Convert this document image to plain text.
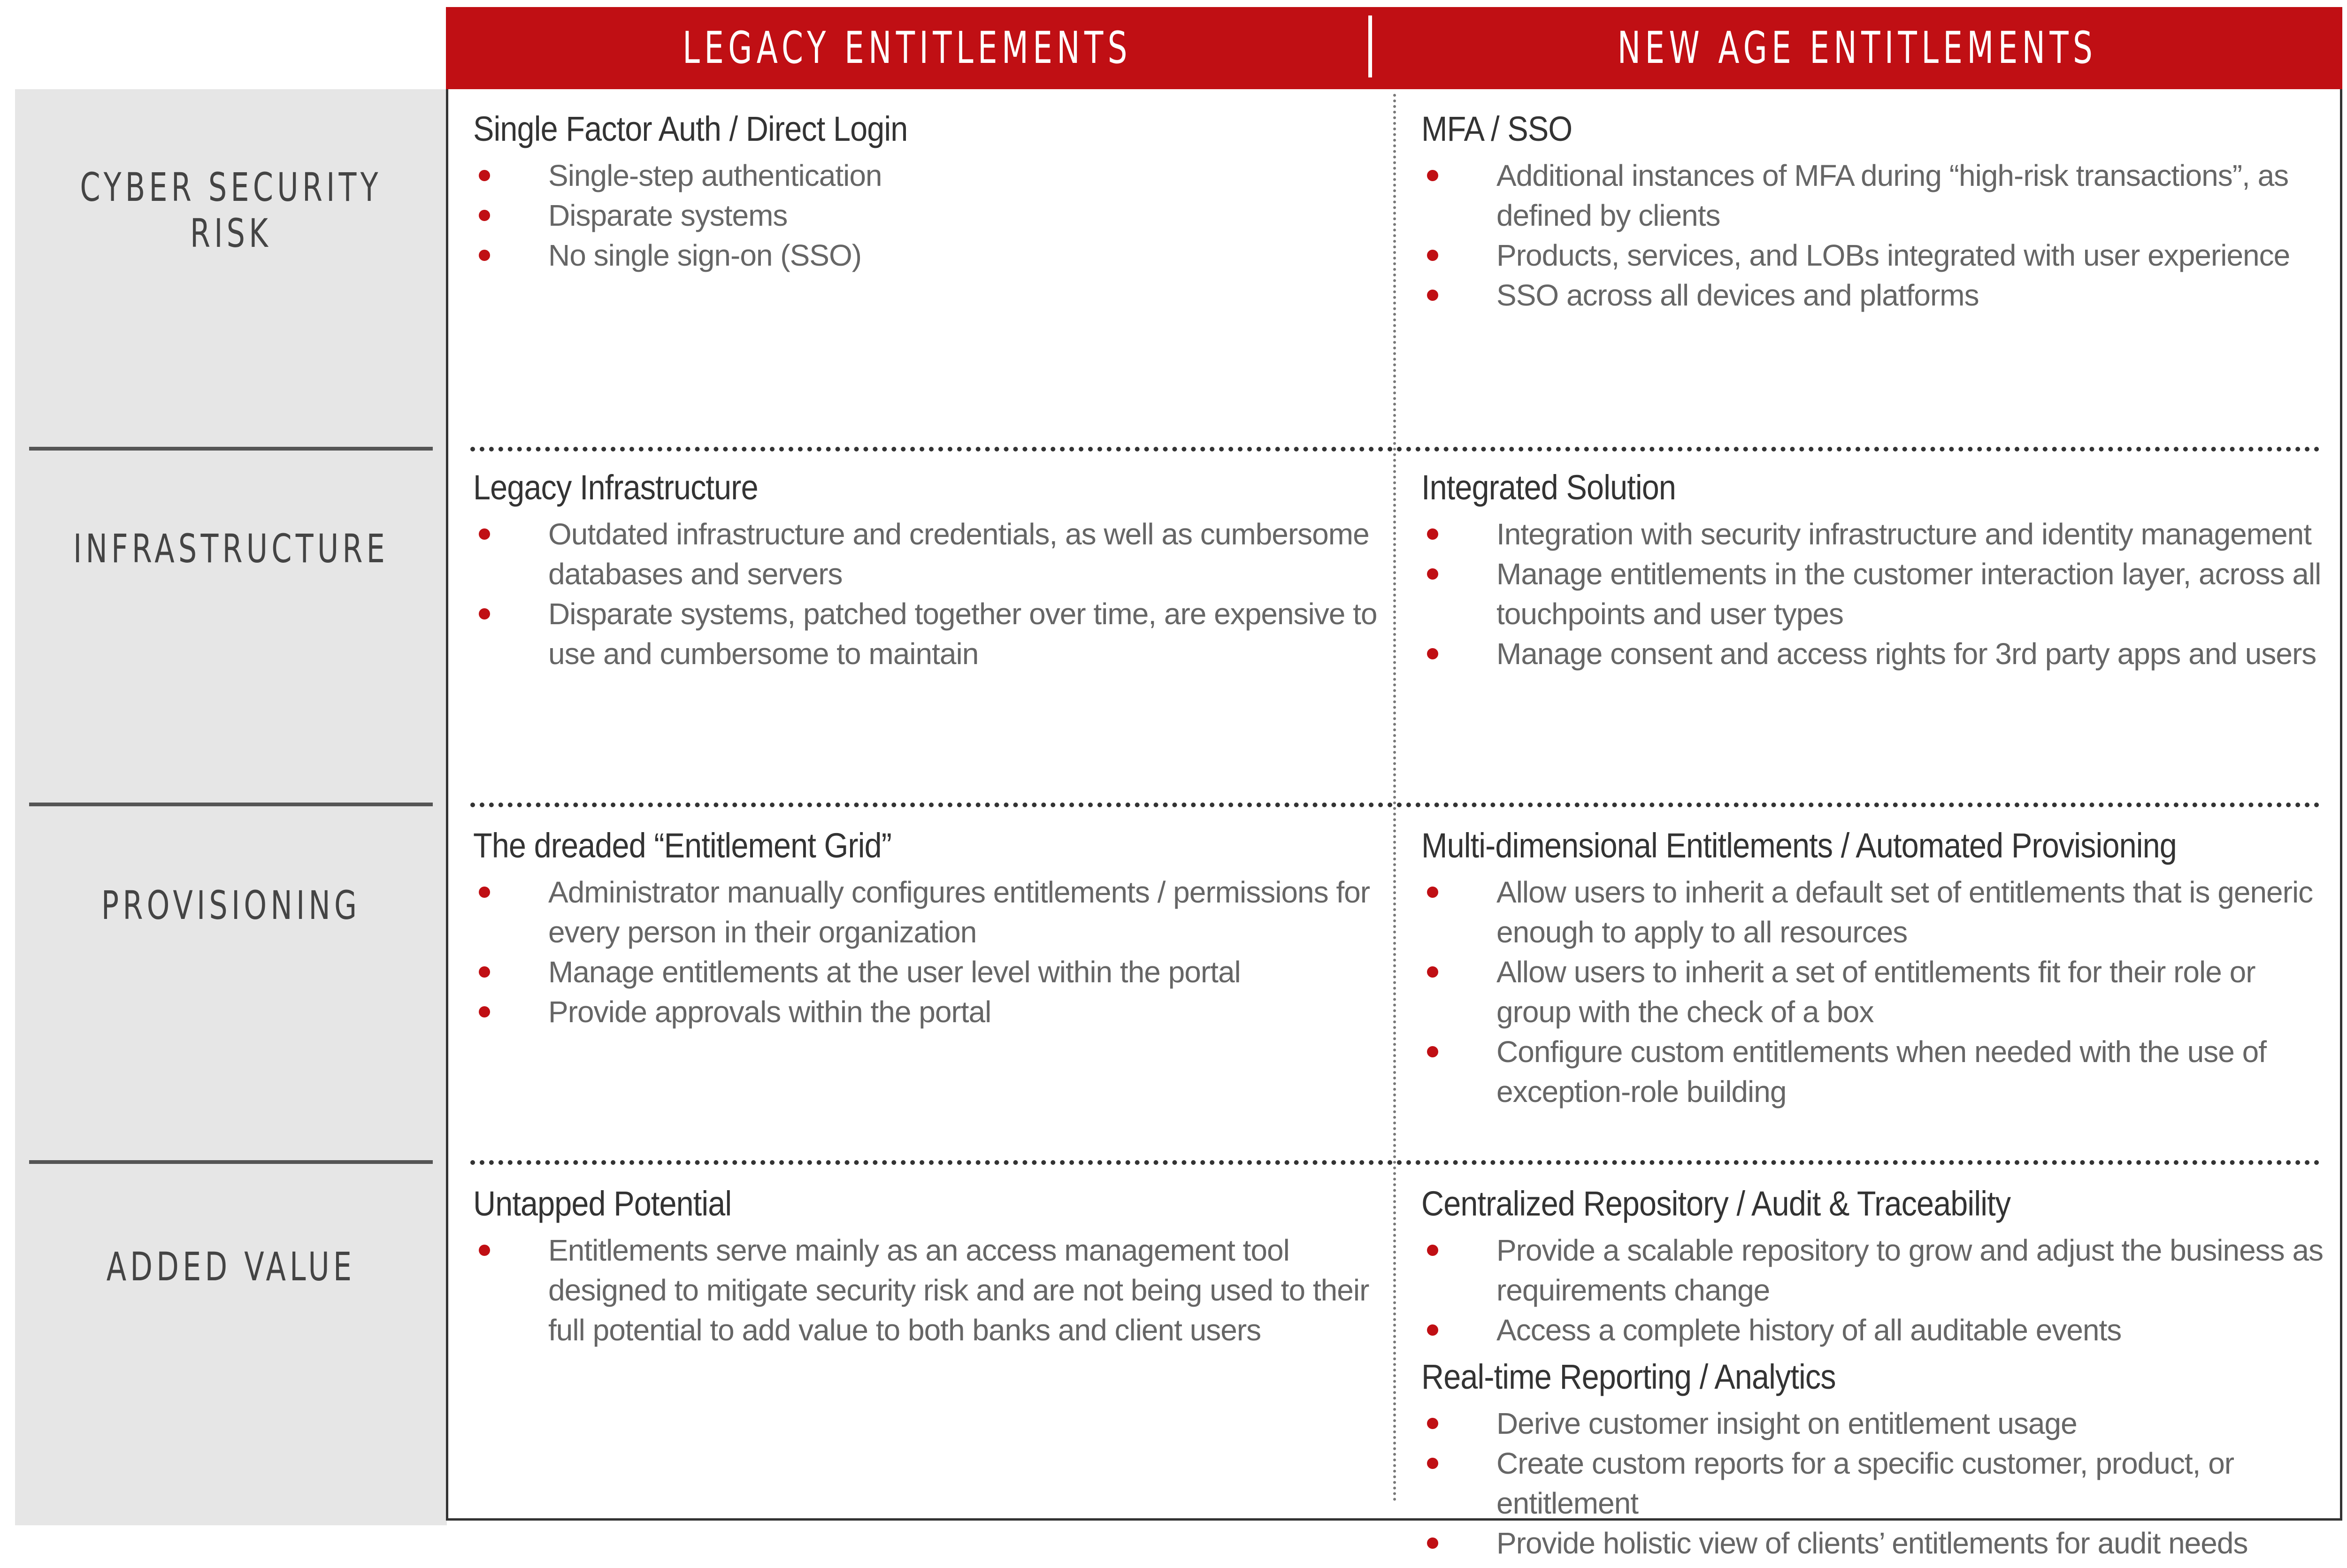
LEGACY ENTITLEMENTS	NEW AGE ENTITLEMENTS
CYBER SECURITY RISK
INFRASTRUCTURE
PROVISIONING
ADDED VALUE
Single Factor Auth / Direct Login
Single-step authentication
Disparate systems
No single sign-on (SSO)
MFA / SSO
Additional instances of MFA during “high-risk transactions”, as defined by clients
Products, services, and LOBs integrated with user experience
SSO across all devices and platforms
Legacy Infrastructure
Outdated infrastructure and credentials, as well as cumbersome databases and servers
Disparate systems, patched together over time, are expensive to use and cumbersome to maintain
Integrated Solution
Integration with security infrastructure and identity management
Manage entitlements in the customer interaction layer, across all touchpoints and user types
Manage consent and access rights for 3rd party apps and users
The dreaded “Entitlement Grid”
Administrator manually configures entitlements / permissions for every person in their organization
Manage entitlements at the user level within the portal
Provide approvals within the portal
Multi-dimensional Entitlements / Automated Provisioning
Allow users to inherit a default set of entitlements that is generic enough to apply to all resources
Allow users to inherit a set of entitlements fit for their role or group with the check of a box
Configure custom entitlements when needed with the use of exception-role building
Untapped Potential
Entitlements serve mainly as an access management tool designed to mitigate security risk and are not being used to their full potential to add value to both banks and client users
Centralized Repository / Audit & Traceability
Provide a scalable repository to grow and adjust the business as requirements change
Access a complete history of all auditable events
Real-time Reporting / Analytics
Derive customer insight on entitlement usage
Create custom reports for a specific customer, product, or entitlement
Provide holistic view of clients’ entitlements for audit needs
